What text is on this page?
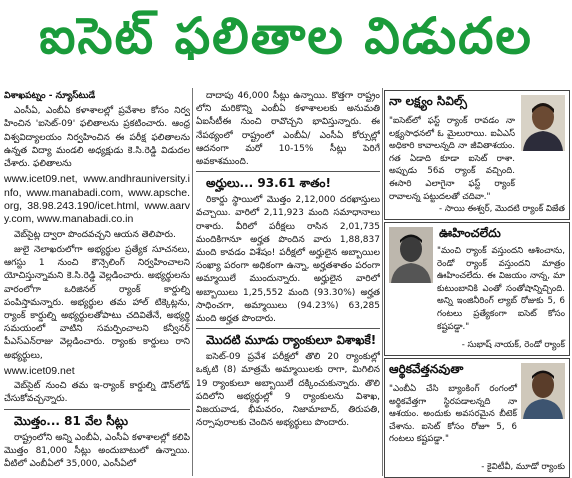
ఐసెట్ ఫలితాల విడుదల

విశాఖపట్నం - న్యూస్‌టుడే

ఎంసీఏ, ఎంబీఏ కళాశాలల్లో ప్రవేశాల కోసం నిర్వ హించిన 'ఐసెట్-09' ఫలితాలను ప్రకటించారు. ఆంధ్ర విశ్వవిద్యాలయం నిర్వహించిన ఈ పరీక్ష ఫలితాలను ఉన్నత విద్యా మండలి అధ్యక్షుడు కె.సి.రెడ్డి విడుదల చేశారు. ఫలితాలను

www.icet09.net, www.andhrauniversity.info, www.manabadi.com, www.apsche.org, 38.98.243.190/icet.html, www.aarvy.com, www.manabadi.co.in

వెబ్‌సైట్ల ద్వారా పొందవచ్చని ఆయన తెలిపారు.

జులై నెలాఖరులోగా అభ్యర్థుల ప్రత్యేక సూచనలు, ఆగస్టు 1 నుంచి కౌన్సెలింగ్ నిర్వహించాలని యోచిస్తున్నామని కె.సి.రెడ్డి వెల్లడించారు. అభ్యర్థులను వారంలోగా ఒరిజినల్ ర్యాంక్ కార్డుల్ని పంపిస్తామన్నారు. అభ్యర్థుల తమ హాల్ టిక్కెట్లను, ర్యాంక్ కార్డుల్ని అభ్యర్థులతోపాటు చదివితేనే, అభ్యర్థి సమయంలో వాటిని సమర్పించాలని కన్వీనర్ పీఎస్ఎన్‌రాజు వెల్లడించారు. ర్యాంకు కార్డులు రాని అభ్యర్థులు,

www.icet09.net

వెబ్‌సైట్ నుంచి తమ ఇ-ర్యాంక్ కార్డుల్ని డౌన్‌లోడ్ చేసుకోవచ్చన్నారు.

మొత్తం... 81 వేల సీట్లు

రాష్ట్రంలోని అన్ని ఎంబీఏ, ఎంసీఏ కళాశాలల్లో కలిపి మొత్తం 81,000 సీట్లు అందుబాటులో ఉన్నాయి. వీటిలో ఎంబీఏలో 35,000, ఎంసీఏలో

దాదాపు 46,000 సీట్లు ఉన్నాయి. కొత్తగా రాష్ట్రం లోని మరికొన్ని ఎంబీఏ కళాశాలలకు అనుమతి ఏఐసీటీఈ నుంచి రావొచ్చని భావిస్తున్నారు. ఈ నేపథ్యంలో రాష్ట్రంలో ఎంబీఏ/ ఎంసీఏ కోర్సుల్లో ఆదనంగా మరో 10-15% సీట్లు పెరిగే అవకాశముంది.

అర్హులు... 93.61 శాతం!

రికార్డు స్థాయిలో మొత్తం 2,12,000 దరఖాస్తులు వచ్చాయి. వారిలో 2,11,923 మంది సమాధానాలు రాశారు. వీరిలో పరీక్షలు రాసిన 2,01,735 మందికిగానూ అర్హత పొందిన వారు 1,88,837 మంది కావడం విశేషం! పరీక్షలో అర్హులైన అబ్బాయిల సంఖ్యా పరంగా అధికంగా ఉన్నా, అర్హతశాతం పరంగా అమ్మాయిలే ముందున్నారు. అర్హులైన వారిలో అబ్బాయిలు 1,25,552 మంది (93.30%) అర్హత సాధించగా, అమ్మాయిలు (94.23%) 63,285 మంది అర్హత పొందారు.

మొదటి మూడు ర్యాంకులూ విశాఖకే!

ఐసెట్-09 ప్రవేశ పరీక్షలో తొలి 20 ర్యాంకుల్లో ఒక్కటి (8) మాత్రమే అమ్మాయిలకు రాగా, మిగిలిన 19 ర్యాంకులూ అబ్బాయిలే దక్కించుకున్నారు. తొలి పదిలోని అభ్యర్థుల్లో 9 ర్యాంకులను విశాఖ, విజయవాడ, భీమవరం, నిజామాబాద్, తిరుపతి, నర్సాపురాలకు చెందిన అభ్యర్థులు పొందారు.

నా లక్ష్యం సివిల్స్
"ఐసెట్‌లో ఫస్ట్ ర్యాంక్ రావడం నా లక్ష్యసాధనలో ఓ మైలురాయి. ఐఏఎస్ అధికారి కావాలన్నది నా జీవితాశయం. గత ఏడాది కూడా ఐసెట్ రాశా. అప్పుడు 56వ ర్యాంక్ వచ్చింది. ఈసారి ఎలాగైనా ఫస్ట్ ర్యాంక్ రావాలన్న పట్టుదలతో చదివా."
- సాయి ఈశ్వర్, మొదటి ర్యాంక్ విజేత
ఊహించలేదు
"మంచి ర్యాంక్ వస్తుందని ఆశించాను, రెండో ర్యాంక్ వస్తుందని మాత్రం ఊహించలేదు. ఈ విజయం నాన్న, మా కుటుంబానికి ఎంతో సంతోషాన్నిచ్చింది. అన్ని ఇంజినీరింగ్ ల్యాబ్ రోజుకు 5, 6 గంటలు ప్రత్యేకంగా ఐసెట్ కోసం కష్టపడ్డా."
- సుభాష్ నాయక్, రెండో ర్యాంక్
ఆర్థికవేత్తనవుతా
"ఎంబీఏ చేసి బ్యాంకింగ్ రంగంలో అర్థికవేత్తగా స్థిరపడాలన్నది నా ఆశయం. అందుకు అవసరమైన బీటెక్ చేశాను. ఐసెట్ కోసం రోజూ 5, 6 గంటలు కష్టపడ్డా."
- కైవిటీవీ, మూడో ర్యాంకు
